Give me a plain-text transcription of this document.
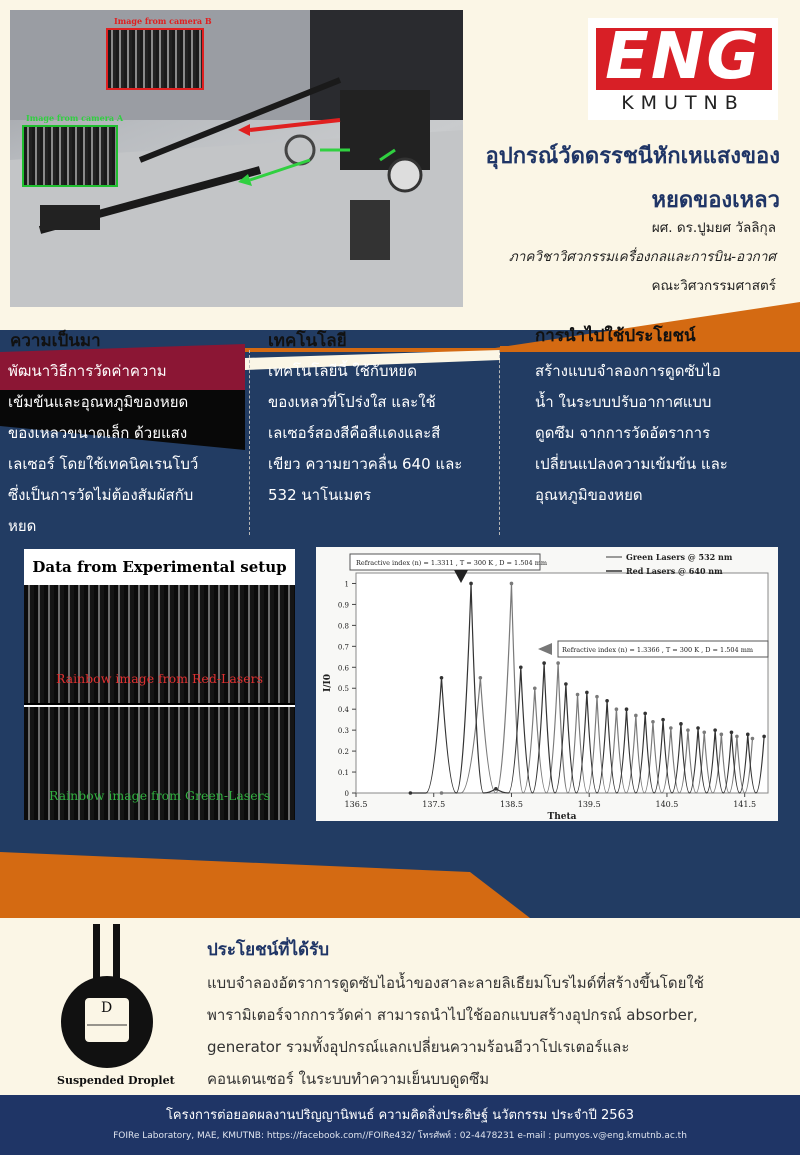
Image from camera B
Image from camera A
ENG
KMUTNB
อุปกรณ์วัดดรรชนีหักเหแสงของ
หยดของเหลว
ผศ. ดร.ปูมยศ วัลลิกุล
ภาควิชาวิศวกรรมเครื่องกลและการบิน-อวกาศ
คณะวิศวกรรมศาสตร์
ความเป็นมา	เทคโนโลยี	การนำไปใช้ประโยชน์
พัฒนาวิธีการวัดค่าความ
เข้มข้นและอุณหภูมิของหยด
ของเหลวขนาดเล็ก ด้วยแสง
เลเซอร์ โดยใช้เทคนิคเรนโบว์
ซึ่งเป็นการวัดไม่ต้องสัมผัสกับ
หยด
เทคโนโลยีนี้ ใช้กับหยด
ของเหลวที่โปร่งใส และใช้
เลเซอร์สองสีคือสีแดงและสี
เขียว ความยาวคลื่น 640 และ
532 นาโนเมตร
สร้างแบบจำลองการดูดซับไอ
น้ำ ในระบบปรับอากาศแบบ
ดูดซึม จากการวัดอัตราการ
เปลี่ยนแปลงความเข้มข้น และ
อุณหภูมิของหยด
Data from Experimental setup
Rainbow image from Red-Lasers
Rainbow image from Green-Lasers
136.5	137.5	138.5	139.5	140.5	141.5
0
0.1
0.2
0.3
0.4
0.5
0.6
0.7
0.8
0.9
1
Theta
I/I0
Green Lasers @ 532 nm
Red Lasers @ 640 nm
Refractive index (n) = 1.3311 , T = 300 K , D = 1.504 mm
Refractive index (n) = 1.3366 , T = 300 K , D = 1.504 mm
D
Suspended Droplet
ประโยชน์ที่ได้รับ
แบบจำลองอัตราการดูดซับไอน้ำของสาละลายลิเธียมโบรไมด์ที่สร้างขึ้นโดยใช้
พารามิเตอร์จากการวัดค่า สามารถนำไปใช้ออกแบบสร้างอุปกรณ์ absorber,
generator รวมทั้งอุปกรณ์แลกเปลี่ยนความร้อนอีวาโปเรเตอร์และ
คอนเดนเซอร์ ในระบบทำความเย็นบบดูดซึม
โครงการต่อยอดผลงานปริญญานิพนธ์ ความคิดสิ่งประดิษฐ์ นวัตกรรม ประจำปี 2563
FOIRe Laboratory, MAE, KMUTNB: https://facebook.com//FOIRe432/ โทรศัพท์ : 02-4478231 e-mail : pumyos.v@eng.kmutnb.ac.th
